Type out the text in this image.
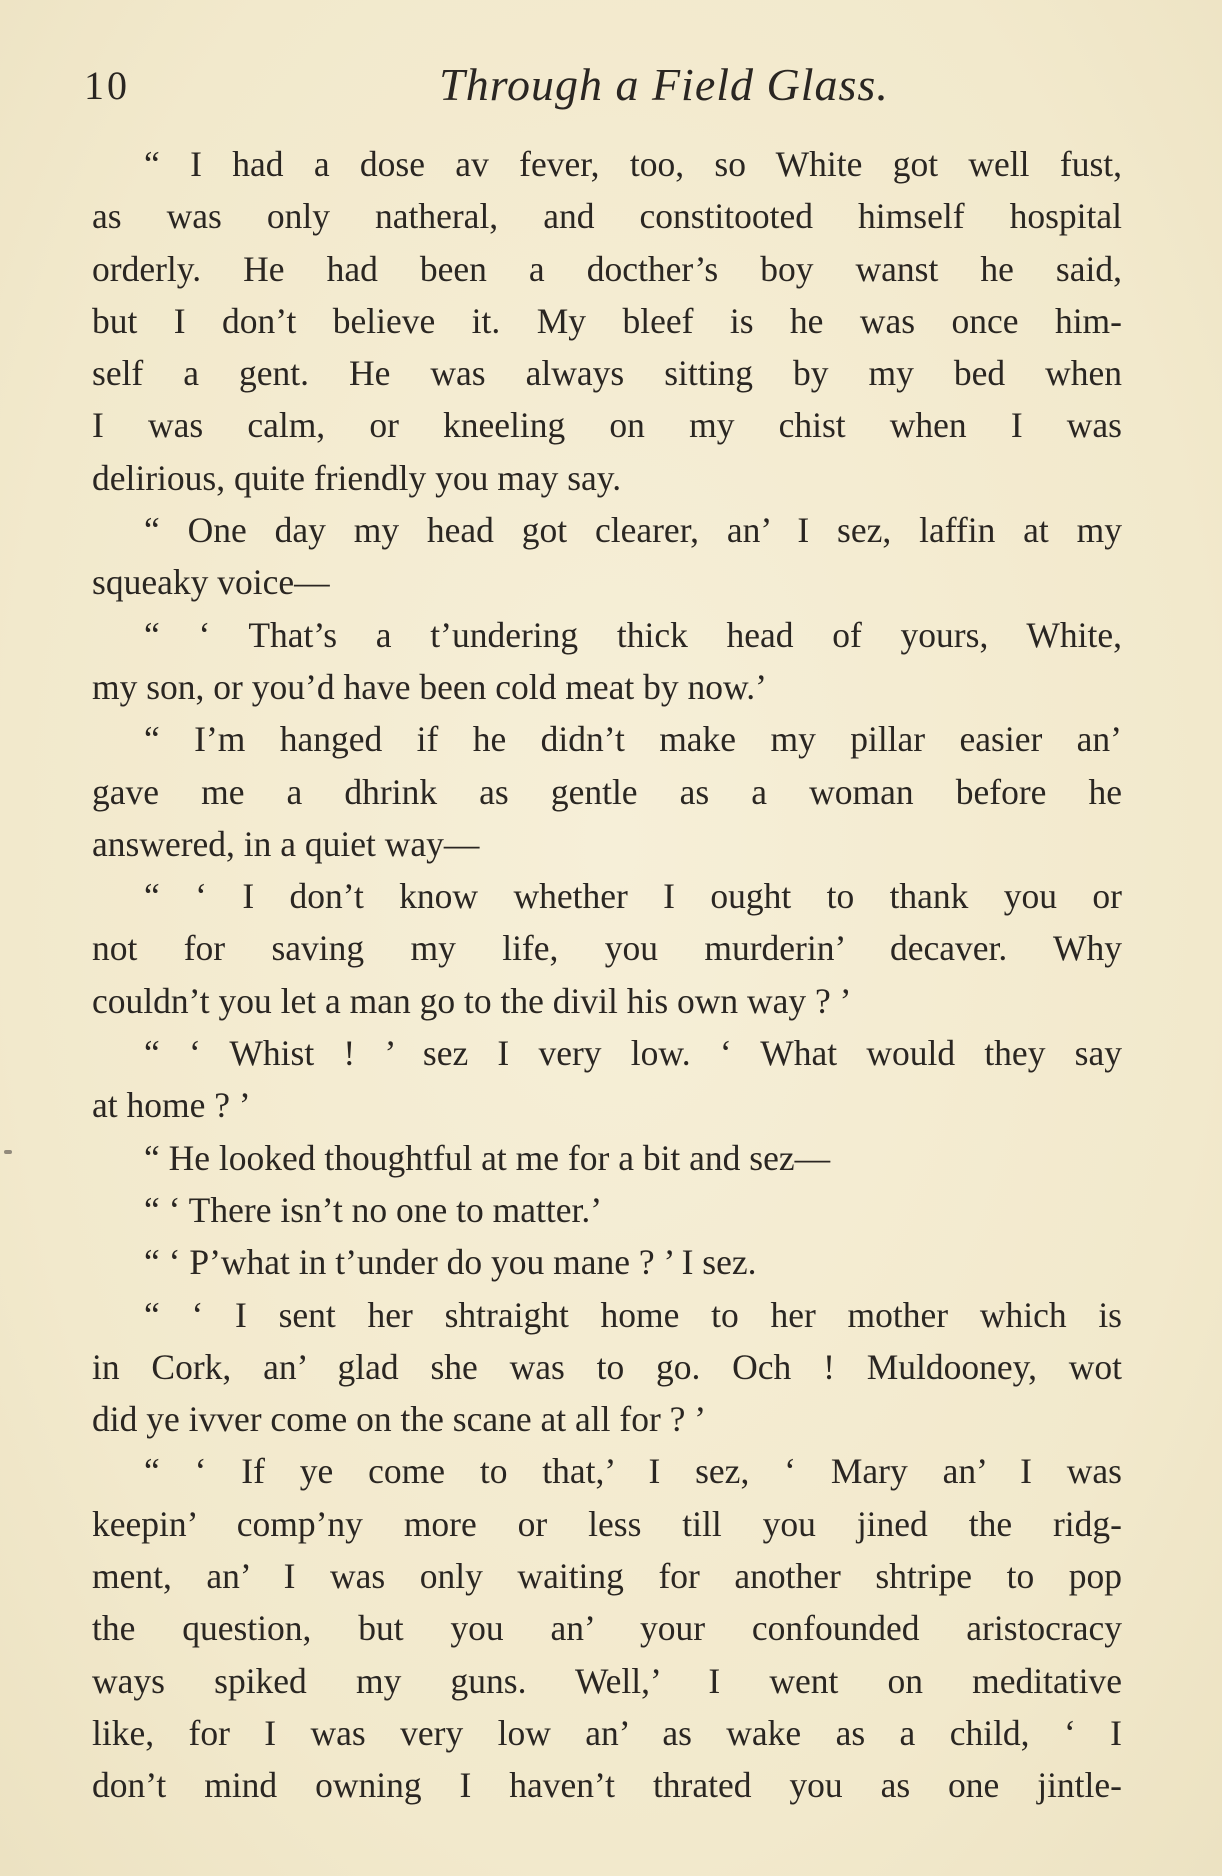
10	Through a Field Glass.
“ I had a dose av fever, too, so White got well fust,
as was only natheral, and constitooted himself hospital
orderly. He had been a docther’s boy wanst he said,
but I don’t believe it. My bleef is he was once him-
self a gent. He was always sitting by my bed when
I was calm, or kneeling on my chist when I was
delirious, quite friendly you may say.
“ One day my head got clearer, an’ I sez, laffin at my
squeaky voice—
“ ‘ That’s a t’undering thick head of yours, White,
my son, or you’d have been cold meat by now.’
“ I’m hanged if he didn’t make my pillar easier an’
gave me a dhrink as gentle as a woman before he
answered, in a quiet way—
“ ‘ I don’t know whether I ought to thank you or
not for saving my life, you murderin’ decaver. Why
couldn’t you let a man go to the divil his own way ? ’
“ ‘ Whist ! ’ sez I very low. ‘ What would they say
at home ? ’
“ He looked thoughtful at me for a bit and sez—
“ ‘ There isn’t no one to matter.’
“ ‘ P’what in t’under do you mane ? ’ I sez.
“ ‘ I sent her shtraight home to her mother which is
in Cork, an’ glad she was to go. Och ! Muldooney, wot
did ye ivver come on the scane at all for ? ’
“ ‘ If ye come to that,’ I sez, ‘ Mary an’ I was
keepin’ comp’ny more or less till you jined the ridg-
ment, an’ I was only waiting for another shtripe to pop
the question, but you an’ your confounded aristocracy
ways spiked my guns. Well,’ I went on meditative
like, for I was very low an’ as wake as a child, ‘ I
don’t mind owning I haven’t thrated you as one jintle-
